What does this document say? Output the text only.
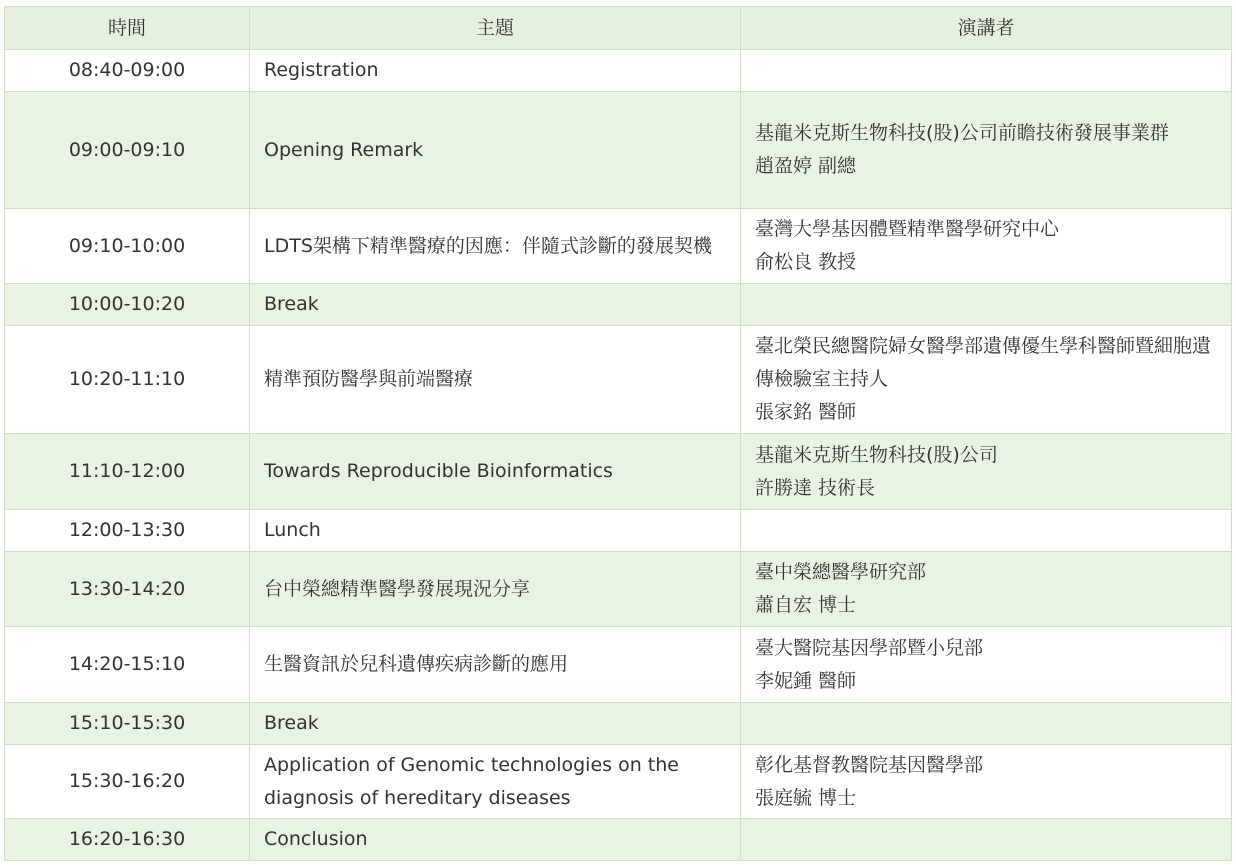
時間	主題	演講者
08:40-09:00	Registration	
09:00-09:10	Opening Remark	基龍米克斯生物科技(股)公司前瞻技術發展事業群
趙盈婷 副總

09:10-10:00	LDTS架構下精準醫療的因應：伴隨式診斷的發展契機	臺灣大學基因體暨精準醫學研究中心
俞松良 教授

10:00-10:20	Break	
10:20-11:10	精準預防醫學與前端醫療	臺北榮民總醫院婦女醫學部遺傳優生學科醫師暨細胞遺傳檢驗室主持人
張家銘 醫師

11:10-12:00	Towards Reproducible Bioinformatics	基龍米克斯生物科技(股)公司
許勝達 技術長

12:00-13:30	Lunch	
13:30-14:20	台中榮總精準醫學發展現況分享	臺中榮總醫學研究部
蕭自宏 博士

14:20-15:10	生醫資訊於兒科遺傳疾病診斷的應用	臺大醫院基因學部暨小兒部
李妮鍾 醫師

15:10-15:30	Break	
15:30-16:20	Application of Genomic technologies on the diagnosis of hereditary diseases	彰化基督教醫院基因醫學部
張庭毓 博士

16:20-16:30	Conclusion	
